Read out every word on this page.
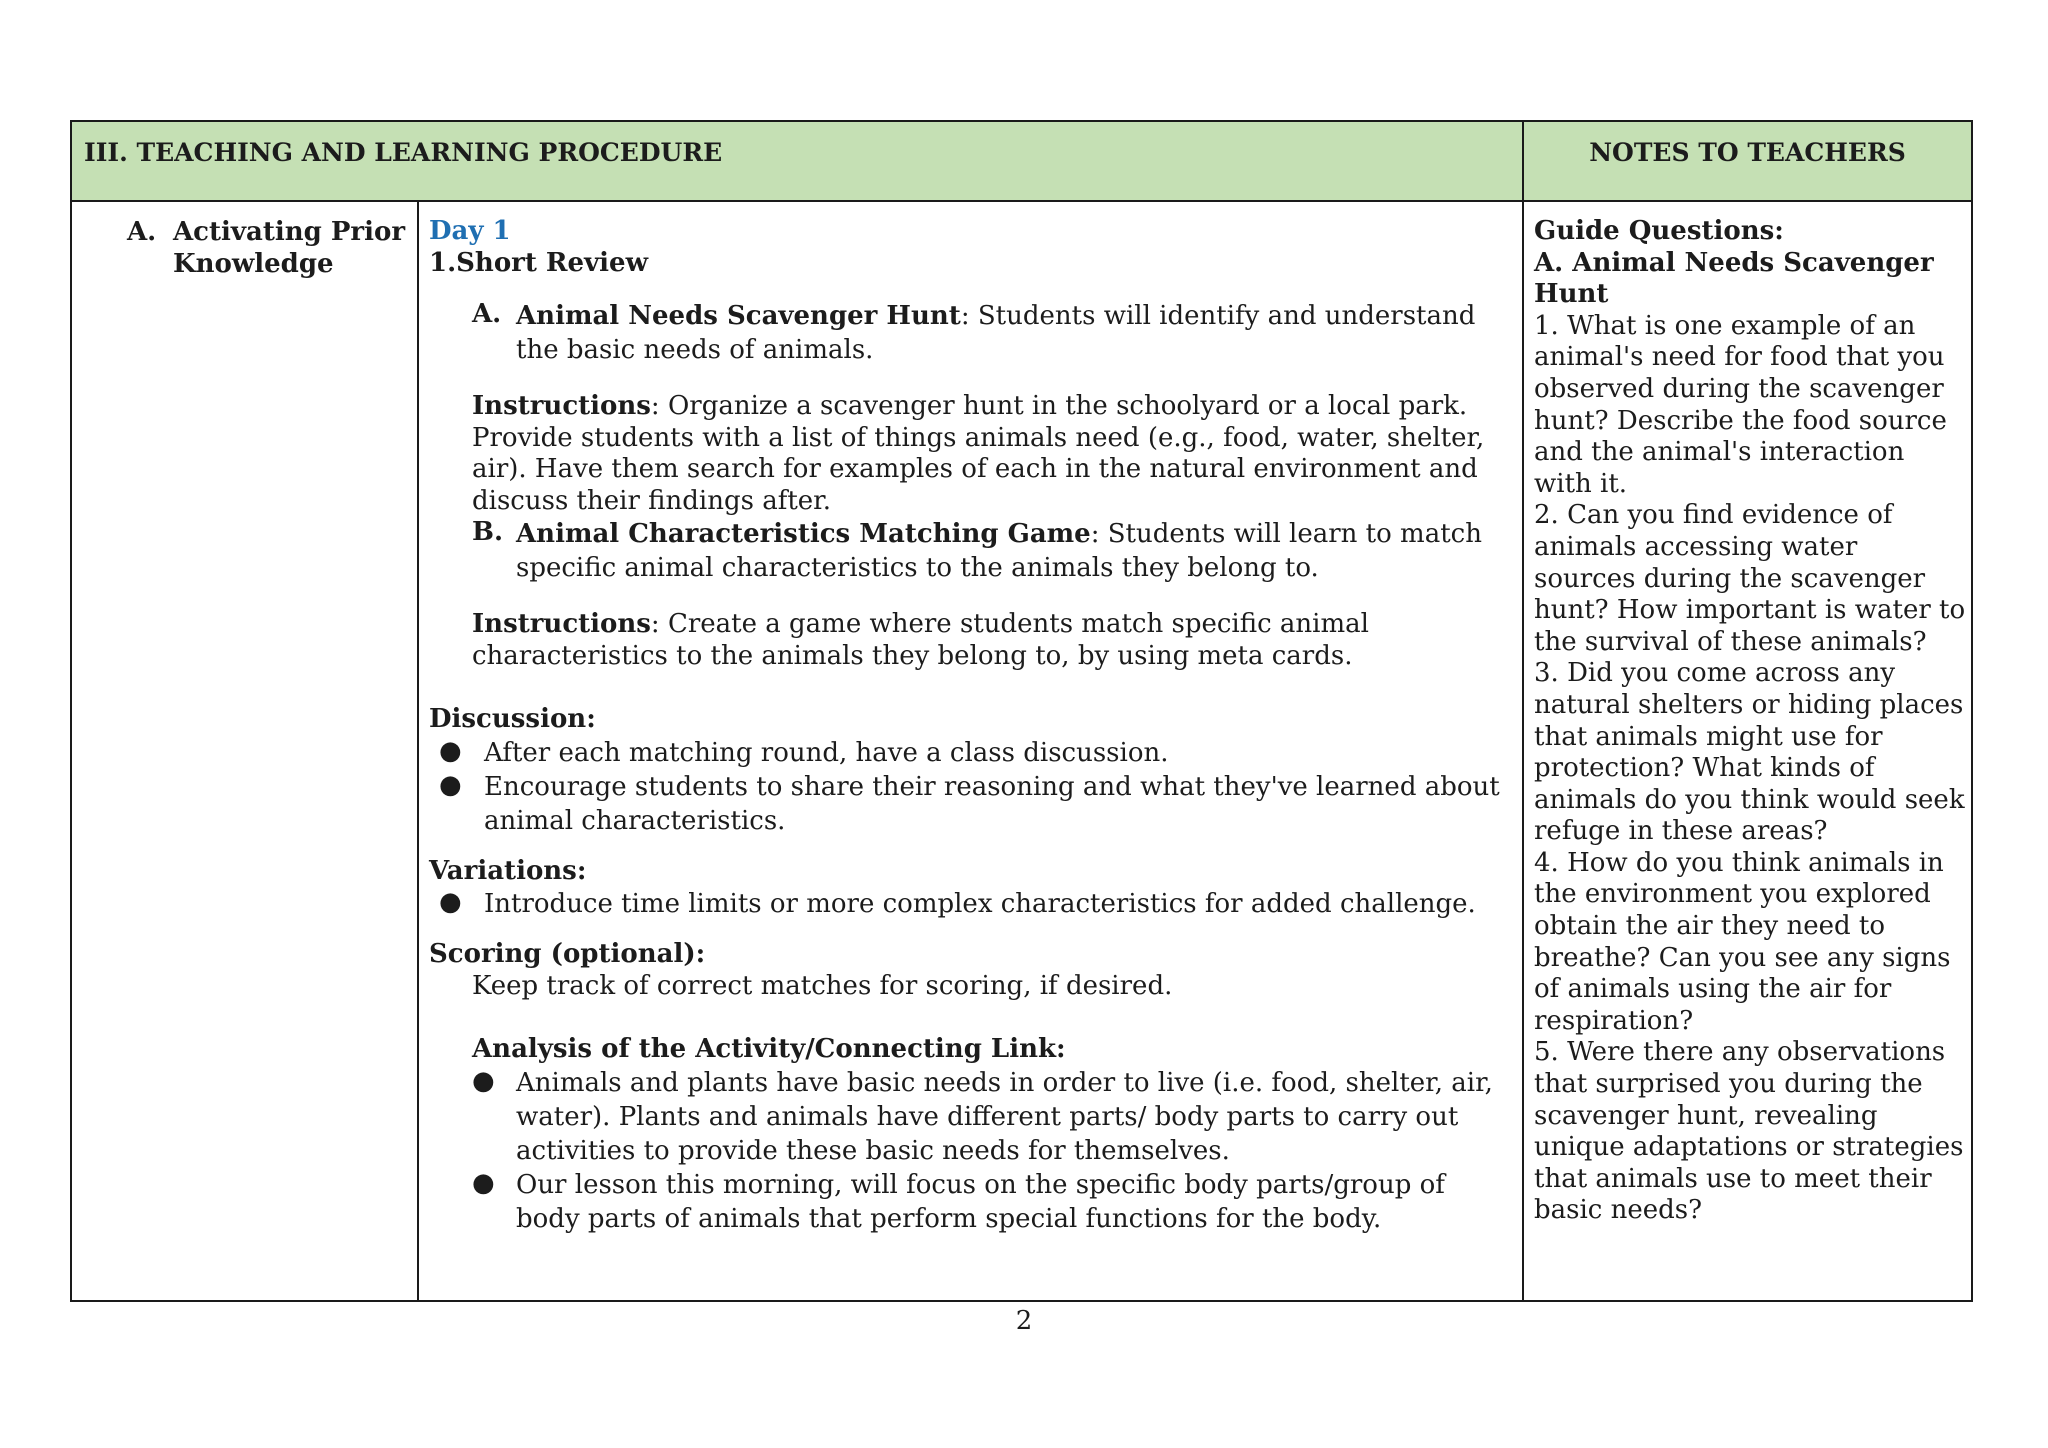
III. TEACHING AND LEARNING PROCEDURE	NOTES TO TEACHERS
A. Activating Prior Knowledge

Day 1

1.Short Review

A. Animal Needs Scavenger Hunt: Students will identify and understand the basic needs of animals.

Instructions: Organize a scavenger hunt in the schoolyard or a local park. Provide students with a list of things animals need (e.g., food, water, shelter, air). Have them search for examples of each in the natural environment and discuss their findings after.

B. Animal Characteristics Matching Game: Students will learn to match specific animal characteristics to the animals they belong to.

Instructions: Create a game where students match specific animal characteristics to the animals they belong to, by using meta cards.

Discussion:

● After each matching round, have a class discussion.
● Encourage students to share their reasoning and what they've learned about animal characteristics.

Variations:

● Introduce time limits or more complex characteristics for added challenge.

Scoring (optional):

Keep track of correct matches for scoring, if desired.

Analysis of the Activity/Connecting Link:

● Animals and plants have basic needs in order to live (i.e. food, shelter, air, water). Plants and animals have different parts/ body parts to carry out activities to provide these basic needs for themselves.
● Our lesson this morning, will focus on the specific body parts/group of body parts of animals that perform special functions for the body.

Guide Questions:

A. Animal Needs Scavenger Hunt

1. What is one example of an animal's need for food that you observed during the scavenger hunt? Describe the food source and the animal's interaction with it.
2. Can you find evidence of animals accessing water sources during the scavenger hunt? How important is water to the survival of these animals?
3. Did you come across any natural shelters or hiding places that animals might use for protection? What kinds of animals do you think would seek refuge in these areas?
4. How do you think animals in the environment you explored obtain the air they need to breathe? Can you see any signs of animals using the air for respiration?
5. Were there any observations that surprised you during the scavenger hunt, revealing unique adaptations or strategies that animals use to meet their basic needs?

2
